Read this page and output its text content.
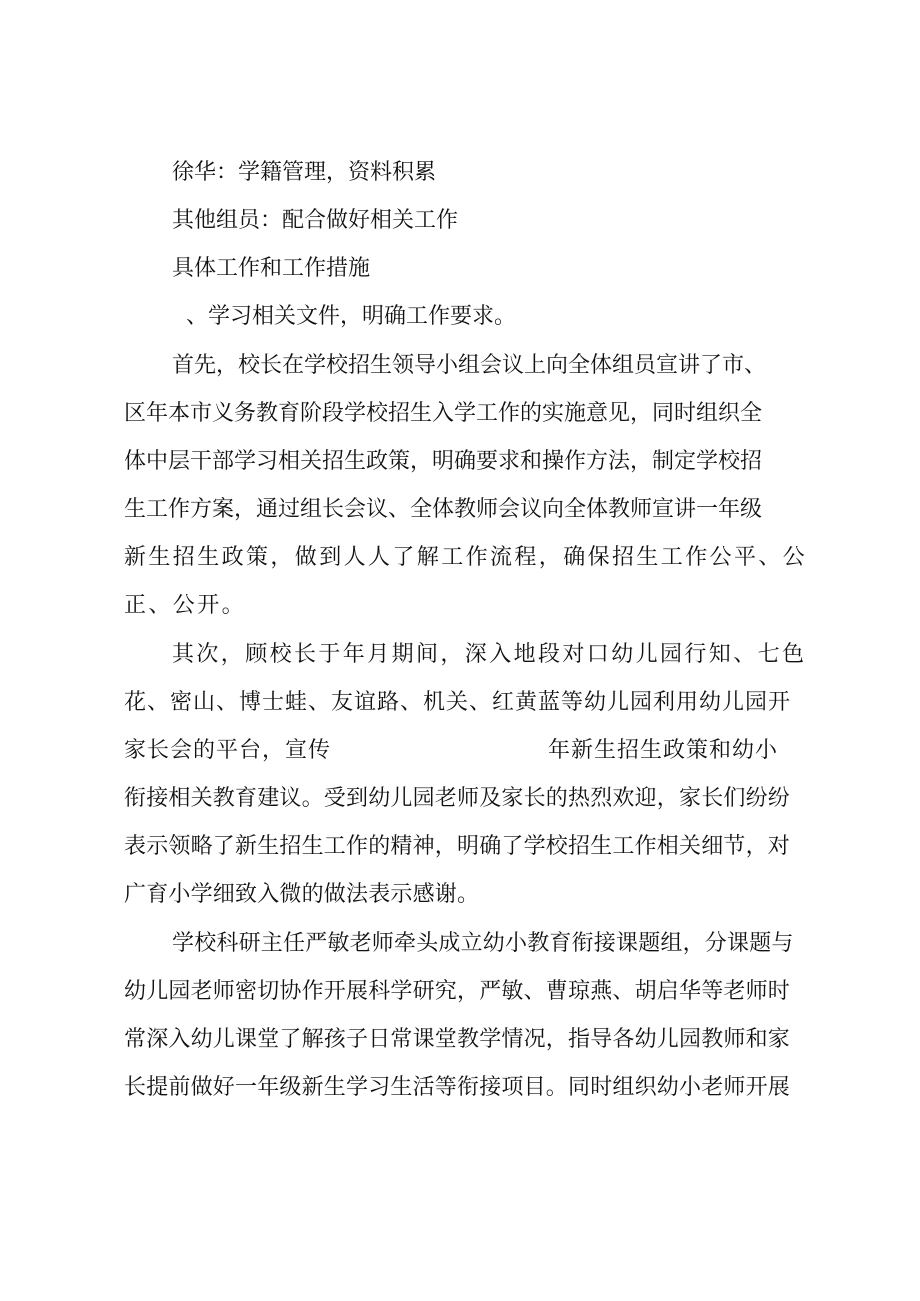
徐华：学籍管理，资料积累
其他组员：配合做好相关工作
具体工作和工作措施
、学习相关文件，明确工作要求。
首先，校长在学校招生领导小组会议上向全体组员宣讲了市、
区年本市义务教育阶段学校招生入学工作的实施意见，同时组织全
体中层干部学习相关招生政策，明确要求和操作方法，制定学校招
生工作方案，通过组长会议、全体教师会议向全体教师宣讲一年级
新生招生政策，做到人人了解工作流程，确保招生工作公平、公
正、公开。
其次，顾校长于年月期间，深入地段对口幼儿园行知、七色
花、密山、博士蛙、友谊路、机关、红黄蓝等幼儿园利用幼儿园开
家长会的平台，宣传	年新生招生政策和幼小
衔接相关教育建议。受到幼儿园老师及家长的热烈欢迎，家长们纷纷
表示领略了新生招生工作的精神，明确了学校招生工作相关细节，对
广育小学细致入微的做法表示感谢。
学校科研主任严敏老师牵头成立幼小教育衔接课题组，分课题与
幼儿园老师密切协作开展科学研究，严敏、曹琼燕、胡启华等老师时
常深入幼儿课堂了解孩子日常课堂教学情况，指导各幼儿园教师和家
长提前做好一年级新生学习生活等衔接项目。同时组织幼小老师开展
